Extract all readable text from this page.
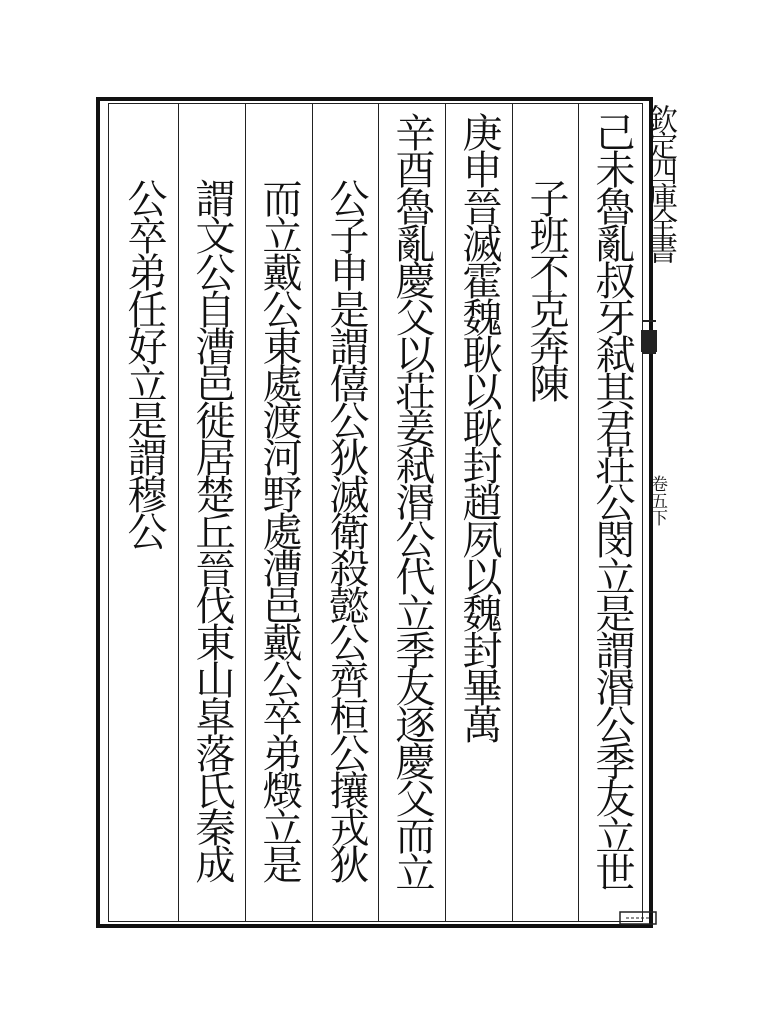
欽定四庫全書
卷五下
己未魯亂叔牙弒其君荘公閔立是謂湣公季友立世
子班不克奔陳
庚申晉滅霍魏耿以耿封趙夙以魏封畢萬
辛酉魯亂慶父以荘姜弒湣公代立季友逐慶父而立
公子申是謂僖公狄滅衛殺懿公齊桓公攘戎狄
而立戴公東處渡河野處漕邑戴公卒弟燬立是
謂文公自漕邑徙居楚丘晉伐東山皐落氏秦成
公卒弟任好立是謂穆公
